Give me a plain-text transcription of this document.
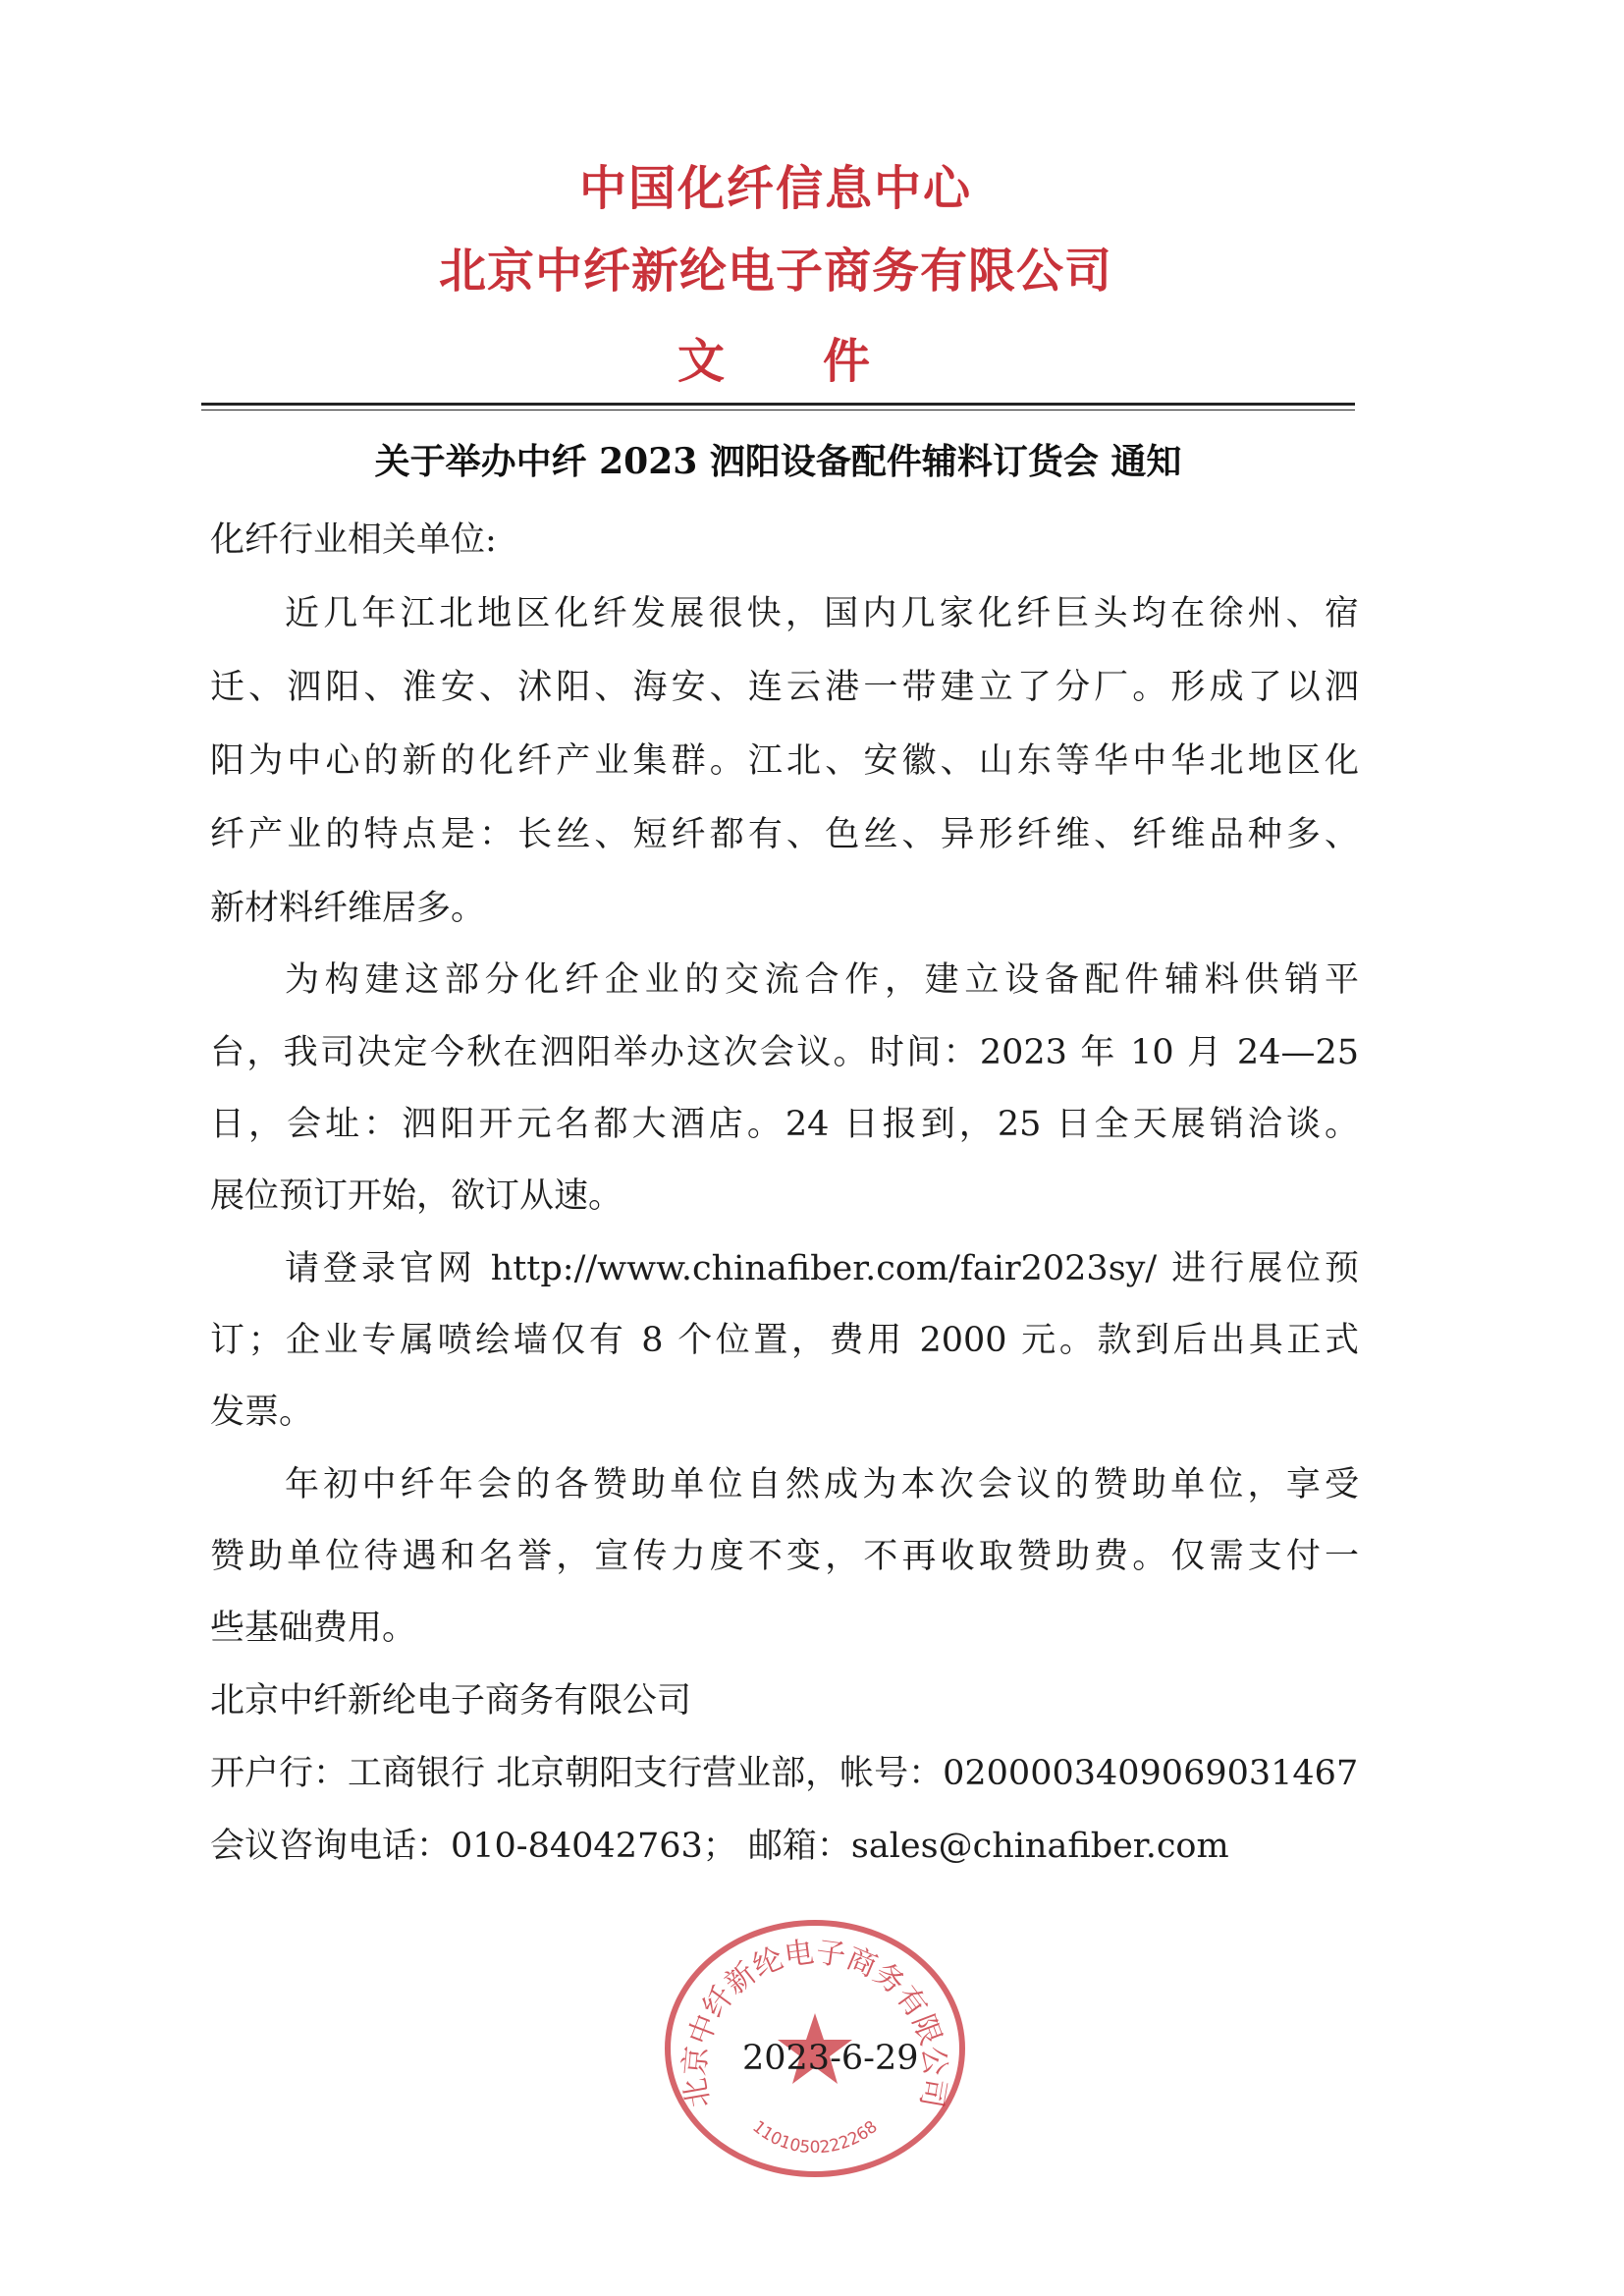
中国化纤信息中心
北京中纤新纶电子商务有限公司
文 件
关于举办中纤 2023 泗阳设备配件辅料订货会 通知
化纤行业相关单位:
近几年江北地区化纤发展很快，国内几家化纤巨头均在徐州、宿
迁、泗阳、淮安、沭阳、海安、连云港一带建立了分厂。形成了以泗
阳为中心的新的化纤产业集群。江北、安徽、山东等华中华北地区化
纤产业的特点是：长丝、短纤都有、色丝、异形纤维、纤维品种多、
新材料纤维居多。
为构建这部分化纤企业的交流合作，建立设备配件辅料供销平
台，我司决定今秋在泗阳举办这次会议。时间：2023 年 10 月 24—25
日，会址：泗阳开元名都大酒店。24 日报到，25 日全天展销洽谈。
展位预订开始，欲订从速。
请登录官网 http://www.chinafiber.com/fair2023sy/ 进行展位预
订；企业专属喷绘墙仅有 8 个位置，费用 2000 元。款到后出具正式
发票。
年初中纤年会的各赞助单位自然成为本次会议的赞助单位，享受
赞助单位待遇和名誉，宣传力度不变，不再收取赞助费。仅需支付一
些基础费用。
北京中纤新纶电子商务有限公司
开户行：工商银行 北京朝阳支行营业部，帐号：0200003409069031467
会议咨询电话：010-84042763； 邮箱：sales@chinafiber.com
北京中纤新纶电子商务有限公司
1101050222268
2023-6-29
